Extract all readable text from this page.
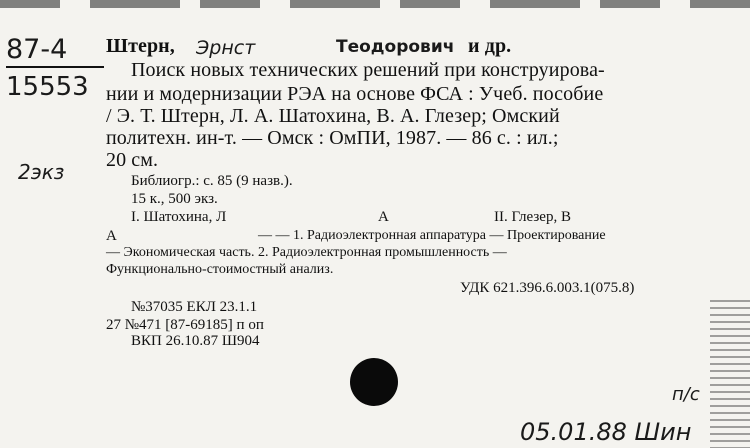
87-4
15553
2экз
Штерн, Эрнст	Теодорович и др.
Поиск новых технических решений при конструирова-
нии и модернизации РЭА на основе ФСА : Учеб. пособие
/ Э. Т. Штерн, Л. А. Шатохина, В. А. Глезер; Омский
политехн. ин-т. — Омск : ОмПИ, 1987. — 86 с. : ил.;
20 см.
Библиогр.: с. 85 (9 назв.).
15 к., 500 экз.
I. Шатохина, Л	А	II. Глезер, В
А	— — 1. Радиоэлектронная аппаратура — Проектирование
— Экономическая часть. 2. Радиоэлектронная промышленность —
Функционально-стоимостный анализ.
УДК 621.396.6.003.1(075.8)
№37035 ЕКЛ 23.1.1
27 №471 [87-69185] п оп
ВКП 26.10.87 Ш904
п/с
05.01.88 Шин
